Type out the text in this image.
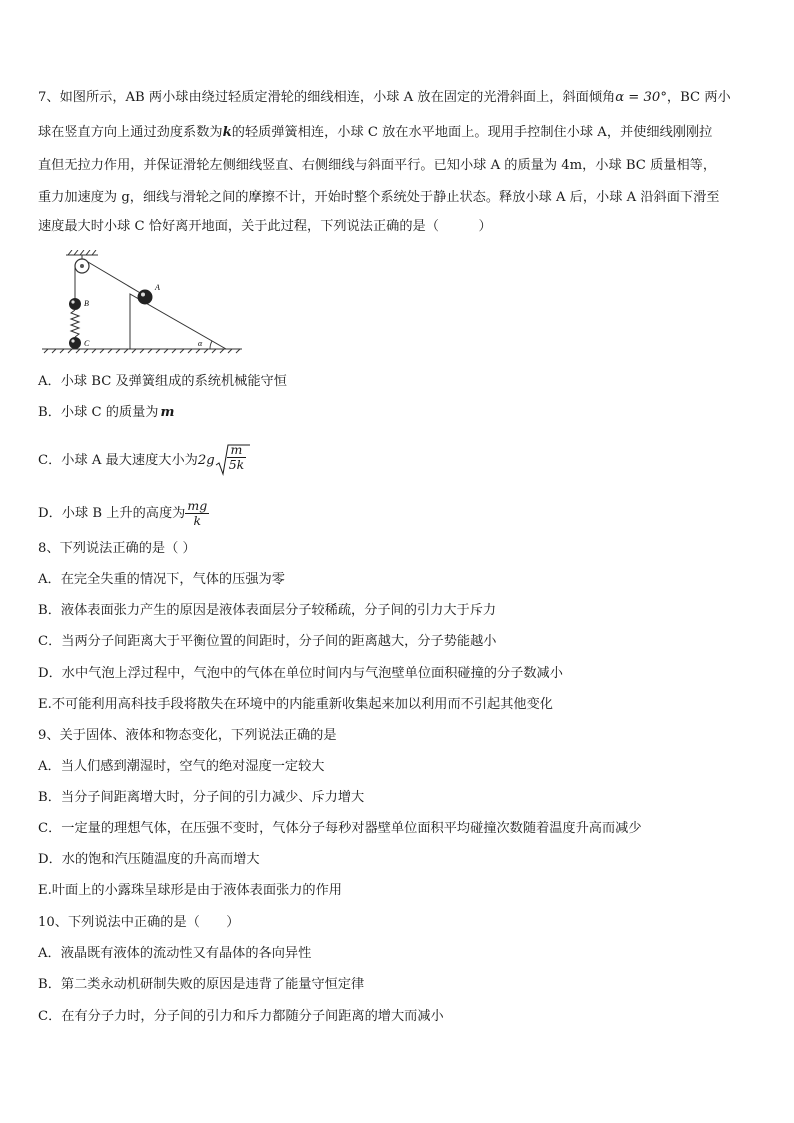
7、如图所示，AB 两小球由绕过轻质定滑轮的细线相连，小球 A 放在固定的光滑斜面上，斜面倾角α = 30°，BC 两小
球在竖直方向上通过劲度系数为k的轻质弹簧相连，小球 C 放在水平地面上。现用手控制住小球 A，并使细线刚刚拉
直但无拉力作用，并保证滑轮左侧细线竖直、右侧细线与斜面平行。已知小球 A 的质量为 4m，小球 BC 质量相等，
重力加速度为 g，细线与滑轮之间的摩擦不计，开始时整个系统处于静止状态。释放小球 A 后，小球 A 沿斜面下滑至
速度最大时小球 C 恰好离开地面，关于此过程，下列说法正确的是（　　　）
B
C	α
A
A．小球 BC 及弹簧组成的系统机械能守恒
B．小球 C 的质量为 m
C．小球 A 最大速度大小为$2g \frac{m}{5k}$
D．小球 B 上升的高度为 $\frac{mg}{k}$
8、下列说法正确的是（ ）
A．在完全失重的情况下，气体的压强为零
B．液体表面张力产生的原因是液体表面层分子较稀疏，分子间的引力大于斥力
C．当两分子间距离大于平衡位置的间距时，分子间的距离越大，分子势能越小
D．水中气泡上浮过程中，气泡中的气体在单位时间内与气泡壁单位面积碰撞的分子数减小
E.不可能利用高科技手段将散失在环境中的内能重新收集起来加以利用而不引起其他变化
9、关于固体、液体和物态变化，下列说法正确的是
A．当人们感到潮湿时，空气的绝对湿度一定较大
B．当分子间距离增大时，分子间的引力减少、斥力增大
C．一定量的理想气体，在压强不变时，气体分子每秒对器壁单位面积平均碰撞次数随着温度升高而减少
D．水的饱和汽压随温度的升高而增大
E.叶面上的小露珠呈球形是由于液体表面张力的作用
10、下列说法中正确的是（　　）
A．液晶既有液体的流动性又有晶体的各向异性
B．第二类永动机研制失败的原因是违背了能量守恒定律
C．在有分子力时，分子间的引力和斥力都随分子间距离的增大而减小
